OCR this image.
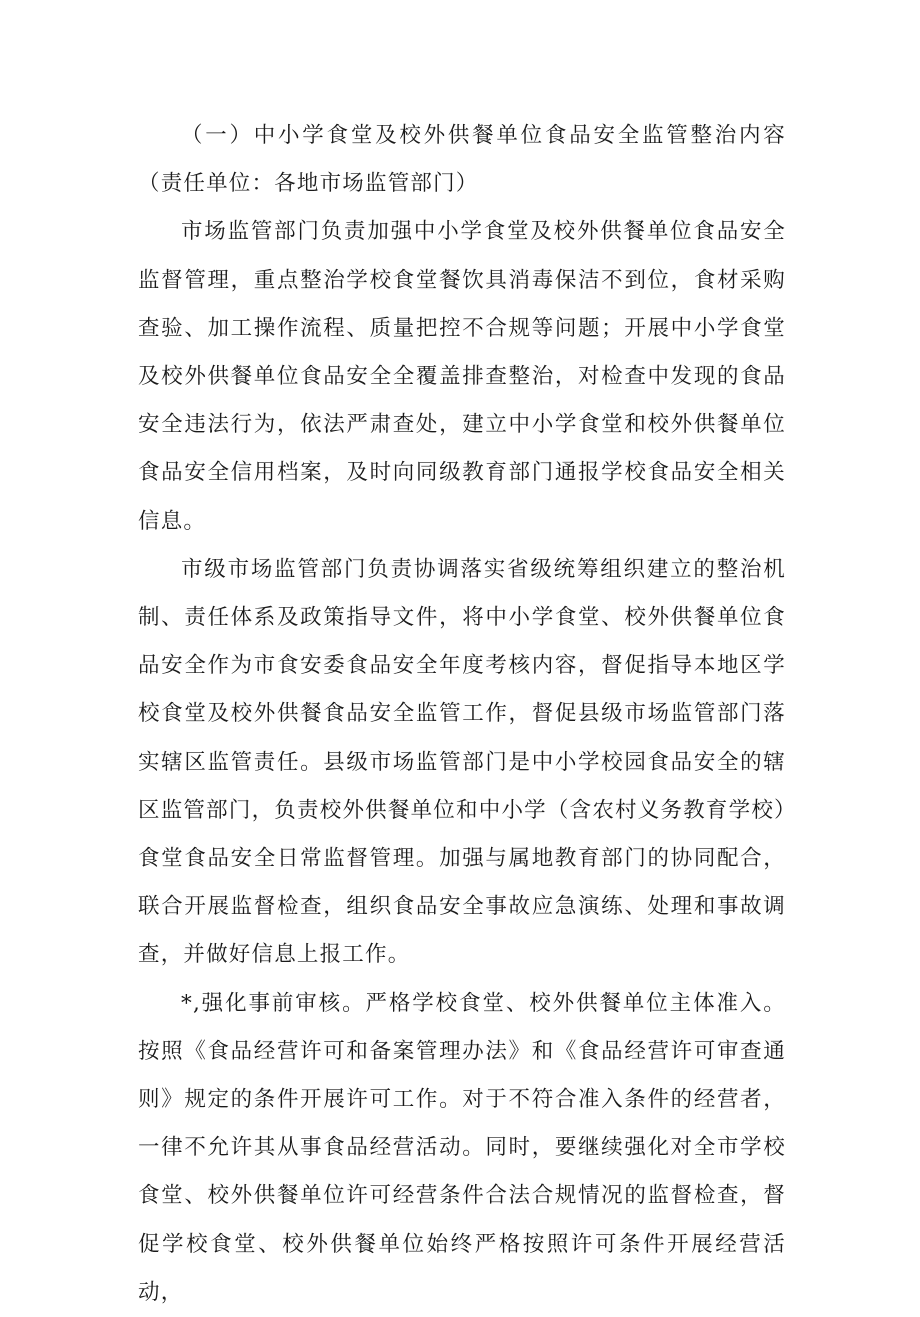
（一）中小学食堂及校外供餐单位食品安全监管整治内容（责任单位：各地市场监管部门）

市场监管部门负责加强中小学食堂及校外供餐单位食品安全监督管理，重点整治学校食堂餐饮具消毒保洁不到位，食材采购查验、加工操作流程、质量把控不合规等问题；开展中小学食堂及校外供餐单位食品安全全覆盖排查整治，对检查中发现的食品安全违法行为，依法严肃查处，建立中小学食堂和校外供餐单位食品安全信用档案，及时向同级教育部门通报学校食品安全相关信息。

市级市场监管部门负责协调落实省级统筹组织建立的整治机制、责任体系及政策指导文件，将中小学食堂、校外供餐单位食品安全作为市食安委食品安全年度考核内容，督促指导本地区学校食堂及校外供餐食品安全监管工作，督促县级市场监管部门落实辖区监管责任。县级市场监管部门是中小学校园食品安全的辖区监管部门，负责校外供餐单位和中小学（含农村义务教育学校）食堂食品安全日常监督管理。加强与属地教育部门的协同配合，联合开展监督检查，组织食品安全事故应急演练、处理和事故调查，并做好信息上报工作。

*,强化事前审核。严格学校食堂、校外供餐单位主体准入。按照《食品经营许可和备案管理办法》和《食品经营许可审查通则》规定的条件开展许可工作。对于不符合准入条件的经营者，一律不允许其从事食品经营活动。同时，要继续强化对全市学校食堂、校外供餐单位许可经营条件合法合规情况的监督检查，督促学校食堂、校外供餐单位始终严格按照许可条件开展经营活动，
